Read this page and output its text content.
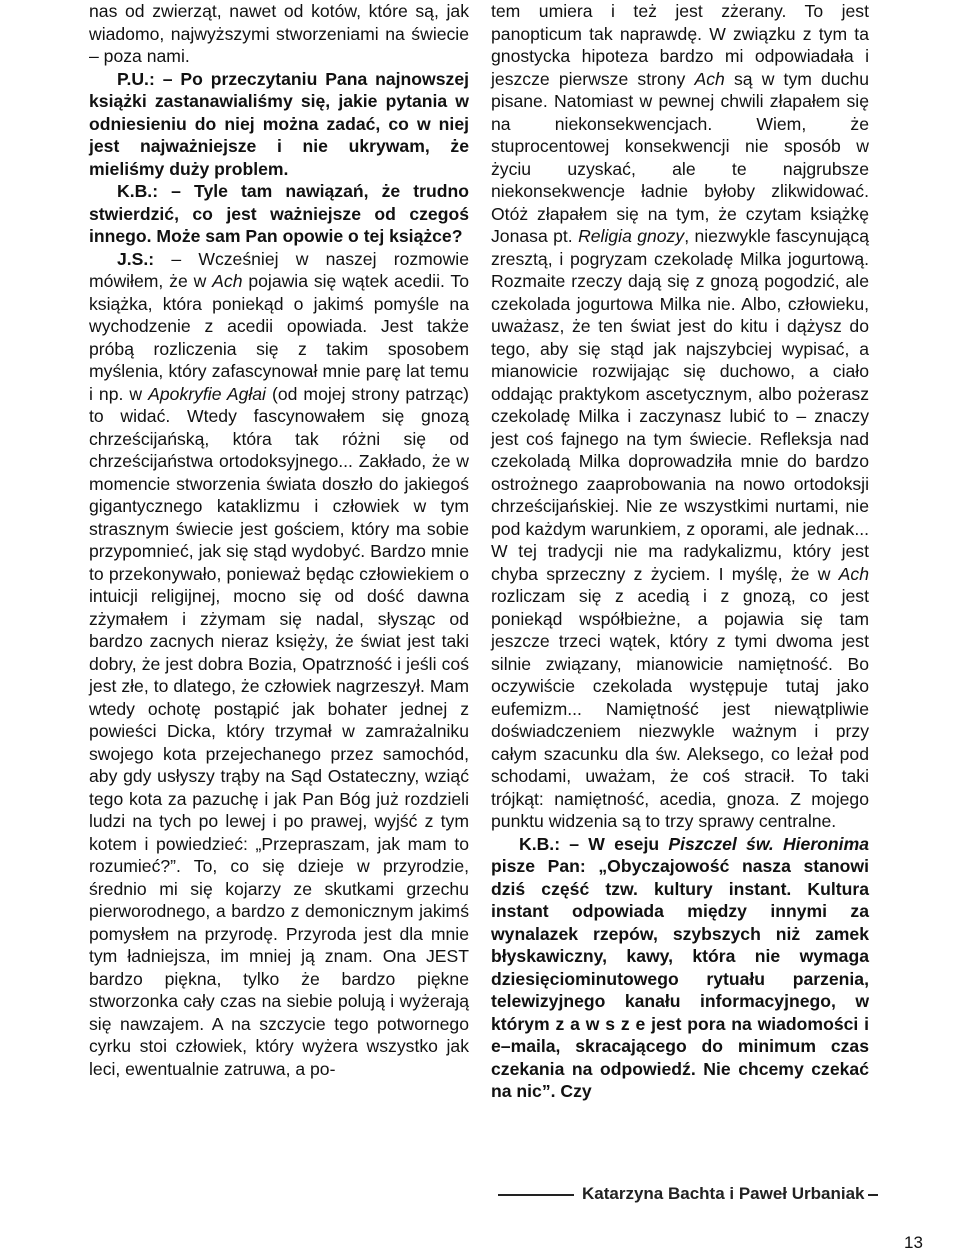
nas od zwierząt, nawet od kotów, które są, jak wiadomo, najwyższymi stworzeniami na świecie – poza nami.

P.U.: – Po przeczytaniu Pana najnowszej książki zastanawialiśmy się, jakie pytania w odniesieniu do niej można zadać, co w niej jest najważniejsze i nie ukrywam, że mieliśmy duży problem.

K.B.: – Tyle tam nawiązań, że trudno stwierdzić, co jest ważniejsze od czegoś innego. Może sam Pan opowie o tej książce?

J.S.: – Wcześniej w naszej rozmowie mówiłem, że w Ach pojawia się wątek acedii. To książka, która poniekąd o jakimś pomyśle na wychodzenie z acedii opowiada. Jest także próbą rozliczenia się z takim sposobem myślenia, który zafascynował mnie parę lat temu i np. w Apokryfie Agłai (od mojej strony patrząc) to widać. Wtedy fascynowałem się gnozą chrześcijańską, która tak różni się od chrześcijaństwa ortodoksyjnego... Zakłado, że w momencie stworzenia świata doszło do jakiegoś gigantycznego kataklizmu i człowiek w tym strasznym świecie jest gościem, który ma sobie przypomnieć, jak się stąd wydobyć. Bardzo mnie to przekonywało, ponieważ będąc człowiekiem o intuicji religijnej, mocno się od dość dawna zżymałem i zżymam się nadal, słysząc od bardzo zacnych nieraz księży, że świat jest taki dobry, że jest dobra Bozia, Opatrzność i jeśli coś jest złe, to dlatego, że człowiek nagrzeszył. Mam wtedy ochotę postąpić jak bohater jednej z powieści Dicka, który trzymał w zamrażalniku swojego kota przejechanego przez samochód, aby gdy usłyszy trąby na Sąd Ostateczny, wziąć tego kota za pazuchę i jak Pan Bóg już rozdzieli ludzi na tych po lewej i po prawej, wyjść z tym kotem i powiedzieć: „Przepraszam, jak mam to rozumieć?”. To, co się dzieje w przyrodzie, średnio mi się kojarzy ze skutkami grzechu pierworodnego, a bardzo z demonicznym jakimś pomysłem na przyrodę. Przyroda jest dla mnie tym ładniejsza, im mniej ją znam. Ona JEST bardzo piękna, tylko że bardzo piękne stworzonka cały czas na siebie polują i wyżerają się nawzajem. A na szczycie tego potwornego cyrku stoi człowiek, który wyżera wszystko jak leci, ewentualnie zatruwa, a po-

tem umiera i też jest zżerany. To jest panopticum tak naprawdę. W związku z tym ta gnostycka hipoteza bardzo mi odpowiadała i jeszcze pierwsze strony Ach są w tym duchu pisane. Natomiast w pewnej chwili złapałem się na niekonsekwencjach. Wiem, że stuprocentowej konsekwencji nie sposób w życiu uzyskać, ale te najgrubsze niekonsekwencje ładnie byłoby zlikwidować. Otóż złapałem się na tym, że czytam książkę Jonasa pt. Religia gnozy, niezwykle fascynującą zresztą, i pogryzam czekoladę Milka jogurtową. Rozmaite rzeczy dają się z gnozą pogodzić, ale czekolada jogurtowa Milka nie. Albo, człowieku, uważasz, że ten świat jest do kitu i dążysz do tego, aby się stąd jak najszybciej wypisać, a mianowicie rozwijając się duchowo, a ciało oddając praktykom ascetycznym, albo pożerasz czekoladę Milka i zaczynasz lubić to – znaczy jest coś fajnego na tym świecie. Refleksja nad czekoladą Milka doprowadziła mnie do bardzo ostrożnego zaaprobowania na nowo ortodoksji chrześcijańskiej. Nie ze wszystkimi nurtami, nie pod każdym warunkiem, z oporami, ale jednak... W tej tradycji nie ma radykalizmu, który jest chyba sprzeczny z życiem. I myślę, że w Ach rozliczam się z acedią i z gnozą, co jest poniekąd współbieżne, a pojawia się tam jeszcze trzeci wątek, który z tymi dwoma jest silnie związany, mianowicie namiętność. Bo oczywiście czekolada występuje tutaj jako eufemizm... Namiętność jest niewątpliwie doświadczeniem niezwykle ważnym i przy całym szacunku dla św. Aleksego, co leżał pod schodami, uważam, że coś stracił. To taki trójkąt: namiętność, acedia, gnoza. Z mojego punktu widzenia są to trzy sprawy centralne.

K.B.: – W eseju Piszczel św. Hieronima pisze Pan: „Obyczajowość nasza stanowi dziś część tzw. kultury instant. Kultura instant odpowiada między innymi za wynalazek rzepów, szybszych niż zamek błyskawiczny, kawy, która nie wymaga dziesięciominutowego rytuału parzenia, telewizyjnego kanału informacyjnego, w którym z a w s z e jest pora na wiadomości i e–maila, skracającego do minimum czas czekania na odpowiedź. Nie chcemy czekać na nic”. Czy

Katarzyna Bachta i Paweł Urbaniak
13
